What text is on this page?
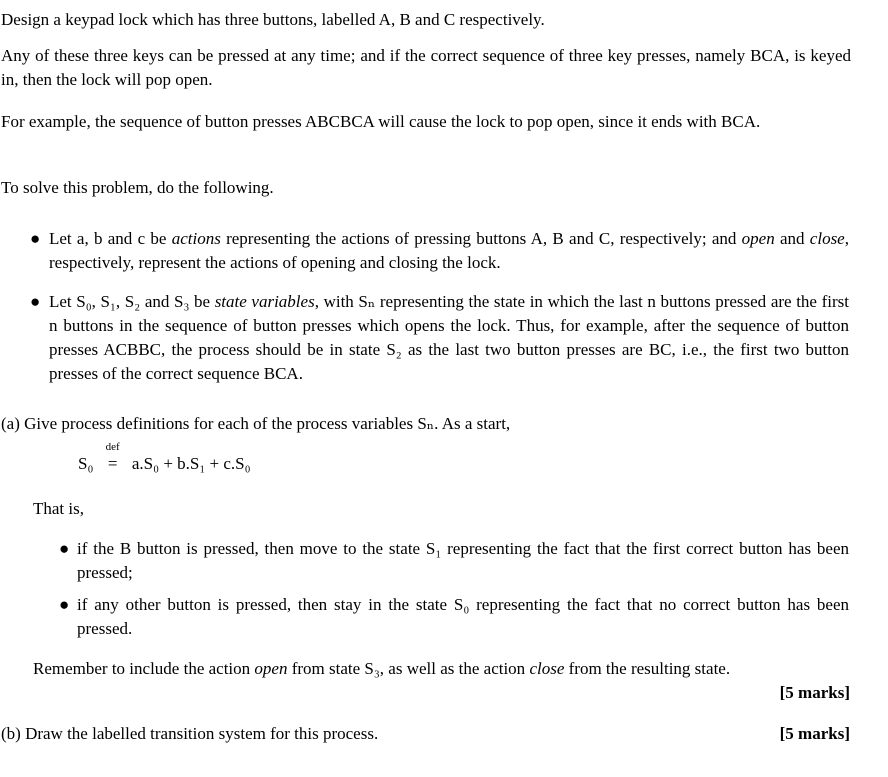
Design a keypad lock which has three buttons, labelled A, B and C respectively.
Any of these three keys can be pressed at any time; and if the correct sequence of three key presses, namely BCA, is keyed in, then the lock will pop open.
For example, the sequence of button presses ABCBCA will cause the lock to pop open, since it ends with BCA.
To solve this problem, do the following.
● Let a, b and c be actions representing the actions of pressing buttons A, B and C, respectively; and open and close, respectively, represent the actions of opening and closing the lock.
● Let S₀, S₁, S₂ and S₃ be state variables, with Sₙ representing the state in which the last n buttons pressed are the first n buttons in the sequence of button presses which opens the lock. Thus, for example, after the sequence of button presses ACBBC, the process should be in state S₂ as the last two button presses are BC, i.e., the first two button presses of the correct sequence BCA.
(a) Give process definitions for each of the process variables Sₙ. As a start,
S₀
def
= a.S₀ + b.S₁ + c.S₀
That is,
● if the B button is pressed, then move to the state S₁ representing the fact that the first correct button has been pressed;
● if any other button is pressed, then stay in the state S₀ representing the fact that no correct button has been pressed.
Remember to include the action open from state S₃, as well as the action close from the resulting state.
[5 marks]
(b) Draw the labelled transition system for this process.	[5 marks]
